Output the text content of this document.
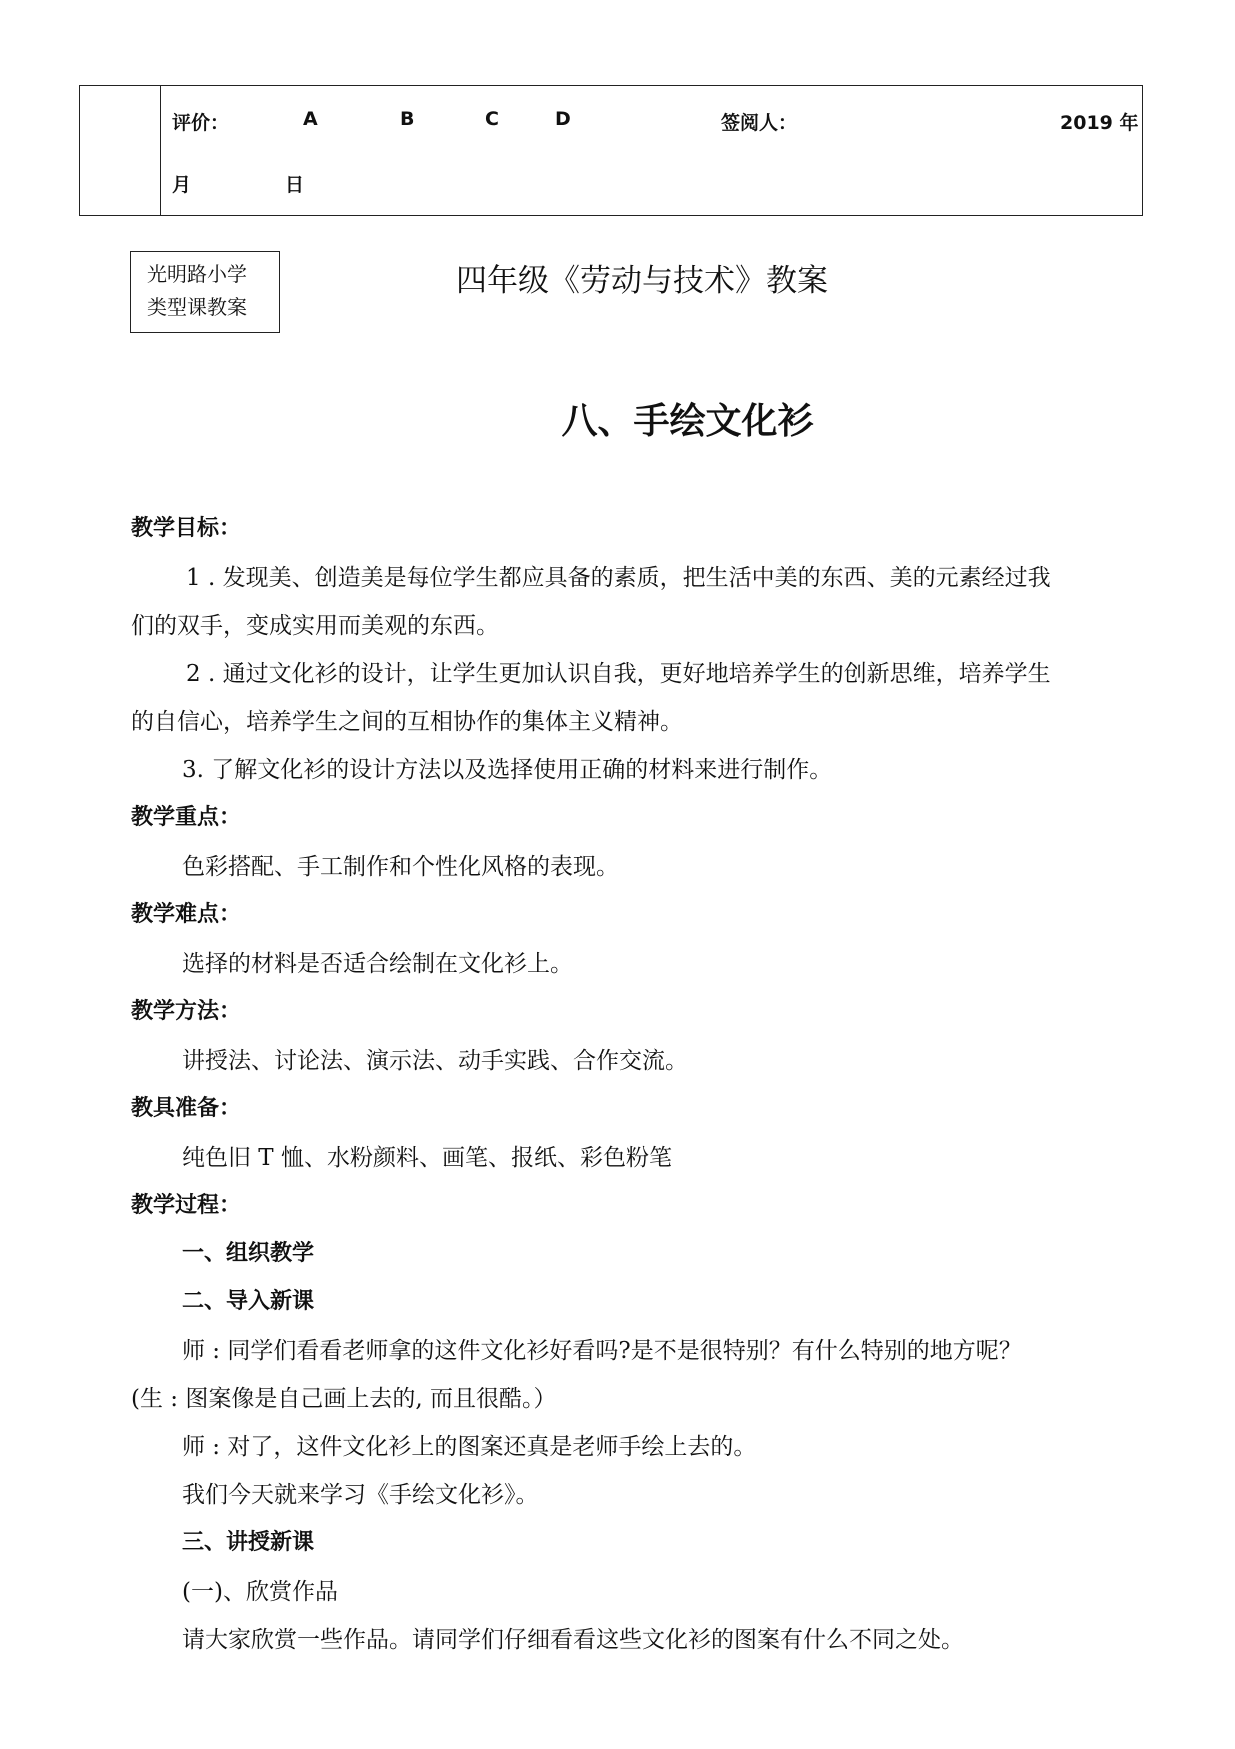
评价：	A	B	C	D	签阅人：	2019 年
月	日
光明路小学
类型课教案
四年级《劳动与技术》教案
八、手绘文化衫
教学目标：
1 . 发现美、创造美是每位学生都应具备的素质，把生活中美的东西、美的元素经过我
们的双手，变成实用而美观的东西。
2 . 通过文化衫的设计，让学生更加认识自我，更好地培养学生的创新思维，培养学生
的自信心，培养学生之间的互相协作的集体主义精神。
3. 了解文化衫的设计方法以及选择使用正确的材料来进行制作。
教学重点：
色彩搭配、手工制作和个性化风格的表现。
教学难点：
选择的材料是否适合绘制在文化衫上。
教学方法：
讲授法、讨论法、演示法、动手实践、合作交流。
教具准备：
纯色旧 T 恤、水粉颜料、画笔、报纸、彩色粉笔
教学过程：
一、组织教学
二、导入新课
师 : 同学们看看老师拿的这件文化衫好看吗?是不是很特别？有什么特别的地方呢？
(生 : 图案像是自己画上去的, 而且很酷。）
师 : 对了，这件文化衫上的图案还真是老师手绘上去的。
我们今天就来学习《手绘文化衫》。
三、讲授新课
(一)、欣赏作品
请大家欣赏一些作品。请同学们仔细看看这些文化衫的图案有什么不同之处。
